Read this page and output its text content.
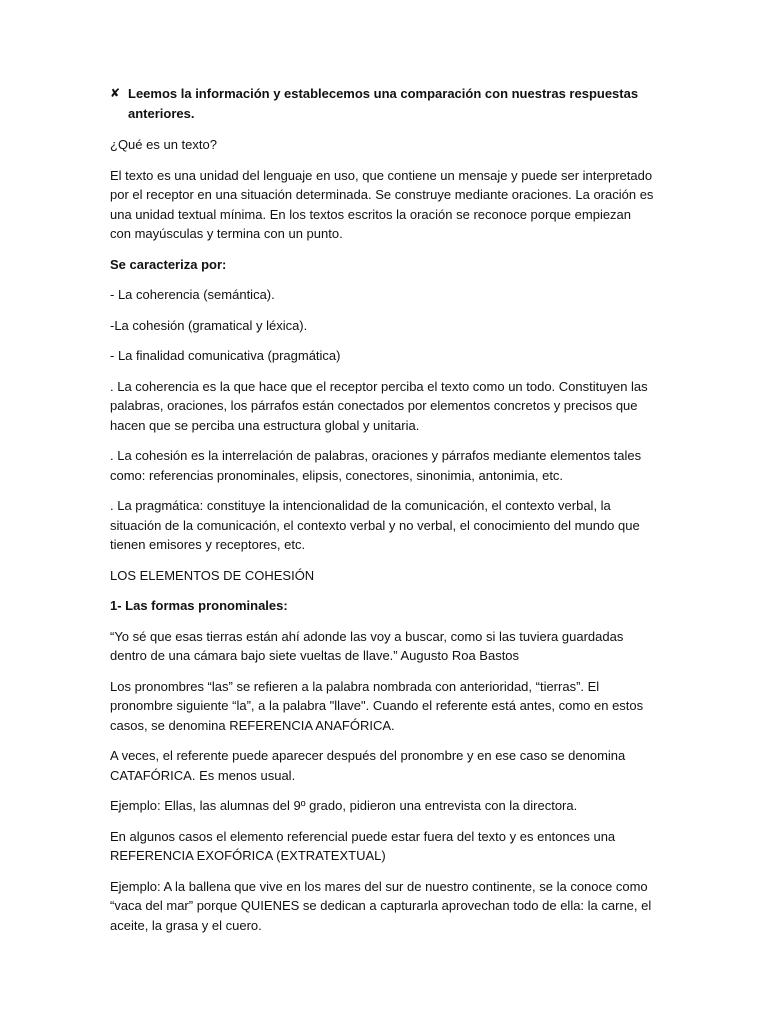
✘ Leemos la información y establecemos una comparación con nuestras respuestas anteriores.

¿Qué es un texto?

El texto es una unidad del lenguaje en uso, que contiene un mensaje y puede ser interpretado por el receptor en una situación determinada. Se construye mediante oraciones. La oración es una unidad textual mínima. En los textos escritos la oración se reconoce porque empiezan con mayúsculas y termina con un punto.

Se caracteriza por:

- La coherencia (semántica).

-La cohesión (gramatical y léxica).

- La finalidad comunicativa (pragmática)

. La coherencia es la que hace que el receptor perciba el texto como un todo. Constituyen las palabras, oraciones, los párrafos están conectados por elementos concretos y precisos que hacen que se perciba una estructura global y unitaria.

. La cohesión es la interrelación de palabras, oraciones y párrafos mediante elementos tales como: referencias pronominales, elipsis, conectores, sinonimia, antonimia, etc.

. La pragmática: constituye la intencionalidad de la comunicación, el contexto verbal, la situación de la comunicación, el contexto verbal y no verbal, el conocimiento del mundo que tienen emisores y receptores, etc.

LOS ELEMENTOS DE COHESIÓN

1- Las formas pronominales:

“Yo sé que esas tierras están ahí adonde las voy a buscar, como si las tuviera guardadas dentro de una cámara bajo siete vueltas de llave.” Augusto Roa Bastos

Los pronombres “las” se refieren a la palabra nombrada con anterioridad, “tierras”. El pronombre siguiente “la”, a la palabra "llave". Cuando el referente está antes, como en estos casos, se denomina REFERENCIA ANAFÓRICA.

A veces, el referente puede aparecer después del pronombre y en ese caso se denomina CATAFÓRICA. Es menos usual.

Ejemplo: Ellas, las alumnas del 9º grado, pidieron una entrevista con la directora.

En algunos casos el elemento referencial puede estar fuera del texto y es entonces una REFERENCIA EXOFÓRICA (EXTRATEXTUAL)

Ejemplo: A la ballena que vive en los mares del sur de nuestro continente, se la conoce como “vaca del mar” porque QUIENES se dedican a capturarla aprovechan todo de ella: la carne, el aceite, la grasa y el cuero.
